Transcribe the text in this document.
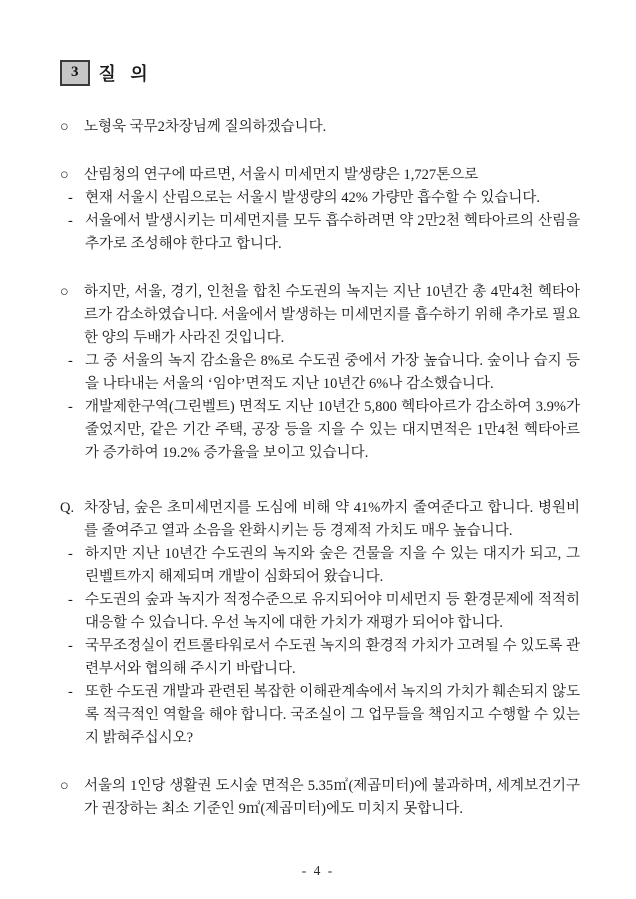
3	질 의
○	노형욱 국무2차장님께 질의하겠습니다.
○	산림청의 연구에 따르면, 서울시 미세먼지 발생량은 1,727톤으로
- 현재 서울시 산림으로는 서울시 발생량의 42% 가량만 흡수할 수 있습니다.
- 서울에서 발생시키는 미세먼지를 모두 흡수하려면 약 2만2천 헥타아르의 산림을 추가로 조성해야 한다고 합니다.
○	하지만, 서울, 경기, 인천을 합친 수도권의 녹지는 지난 10년간 총 4만4천 헥타아르가 감소하였습니다. 서울에서 발생하는 미세먼지를 흡수하기 위해 추가로 필요한 양의 두배가 사라진 것입니다.
- 그 중 서울의 녹지 감소율은 8%로 수도권 중에서 가장 높습니다. 숲이나 습지 등을 나타내는 서울의 ‘임야’면적도 지난 10년간 6%나 감소했습니다.
- 개발제한구역(그린벨트) 면적도 지난 10년간 5,800 헥타아르가 감소하여 3.9%가 줄었지만, 같은 기간 주택, 공장 등을 지을 수 있는 대지면적은 1만4천 헥타아르가 증가하여 19.2% 증가율을 보이고 있습니다.
Q. 차장님, 숲은 초미세먼지를 도심에 비해 약 41%까지 줄여준다고 합니다. 병원비를 줄여주고 열과 소음을 완화시키는 등 경제적 가치도 매우 높습니다.
- 하지만 지난 10년간 수도권의 녹지와 숲은 건물을 지을 수 있는 대지가 되고, 그린벨트까지 해제되며 개발이 심화되어 왔습니다.
- 수도권의 숲과 녹지가 적정수준으로 유지되어야 미세먼지 등 환경문제에 적적히 대응할 수 있습니다. 우선 녹지에 대한 가치가 재평가 되어야 합니다.
- 국무조정실이 컨트롤타워로서 수도권 녹지의 환경적 가치가 고려될 수 있도록 관련부서와 협의해 주시기 바랍니다.
- 또한 수도권 개발과 관련된 복잡한 이해관계속에서 녹지의 가치가 훼손되지 않도록 적극적인 역할을 해야 합니다. 국조실이 그 업무들을 책임지고 수행할 수 있는지 밝혀주십시오?
○	서울의 1인당 생활권 도시숲 면적은 5.35㎡(제곱미터)에 불과하며, 세계보건기구가 권장하는 최소 기준인 9㎡(제곱미터)에도 미치지 못합니다.
- 4 -
